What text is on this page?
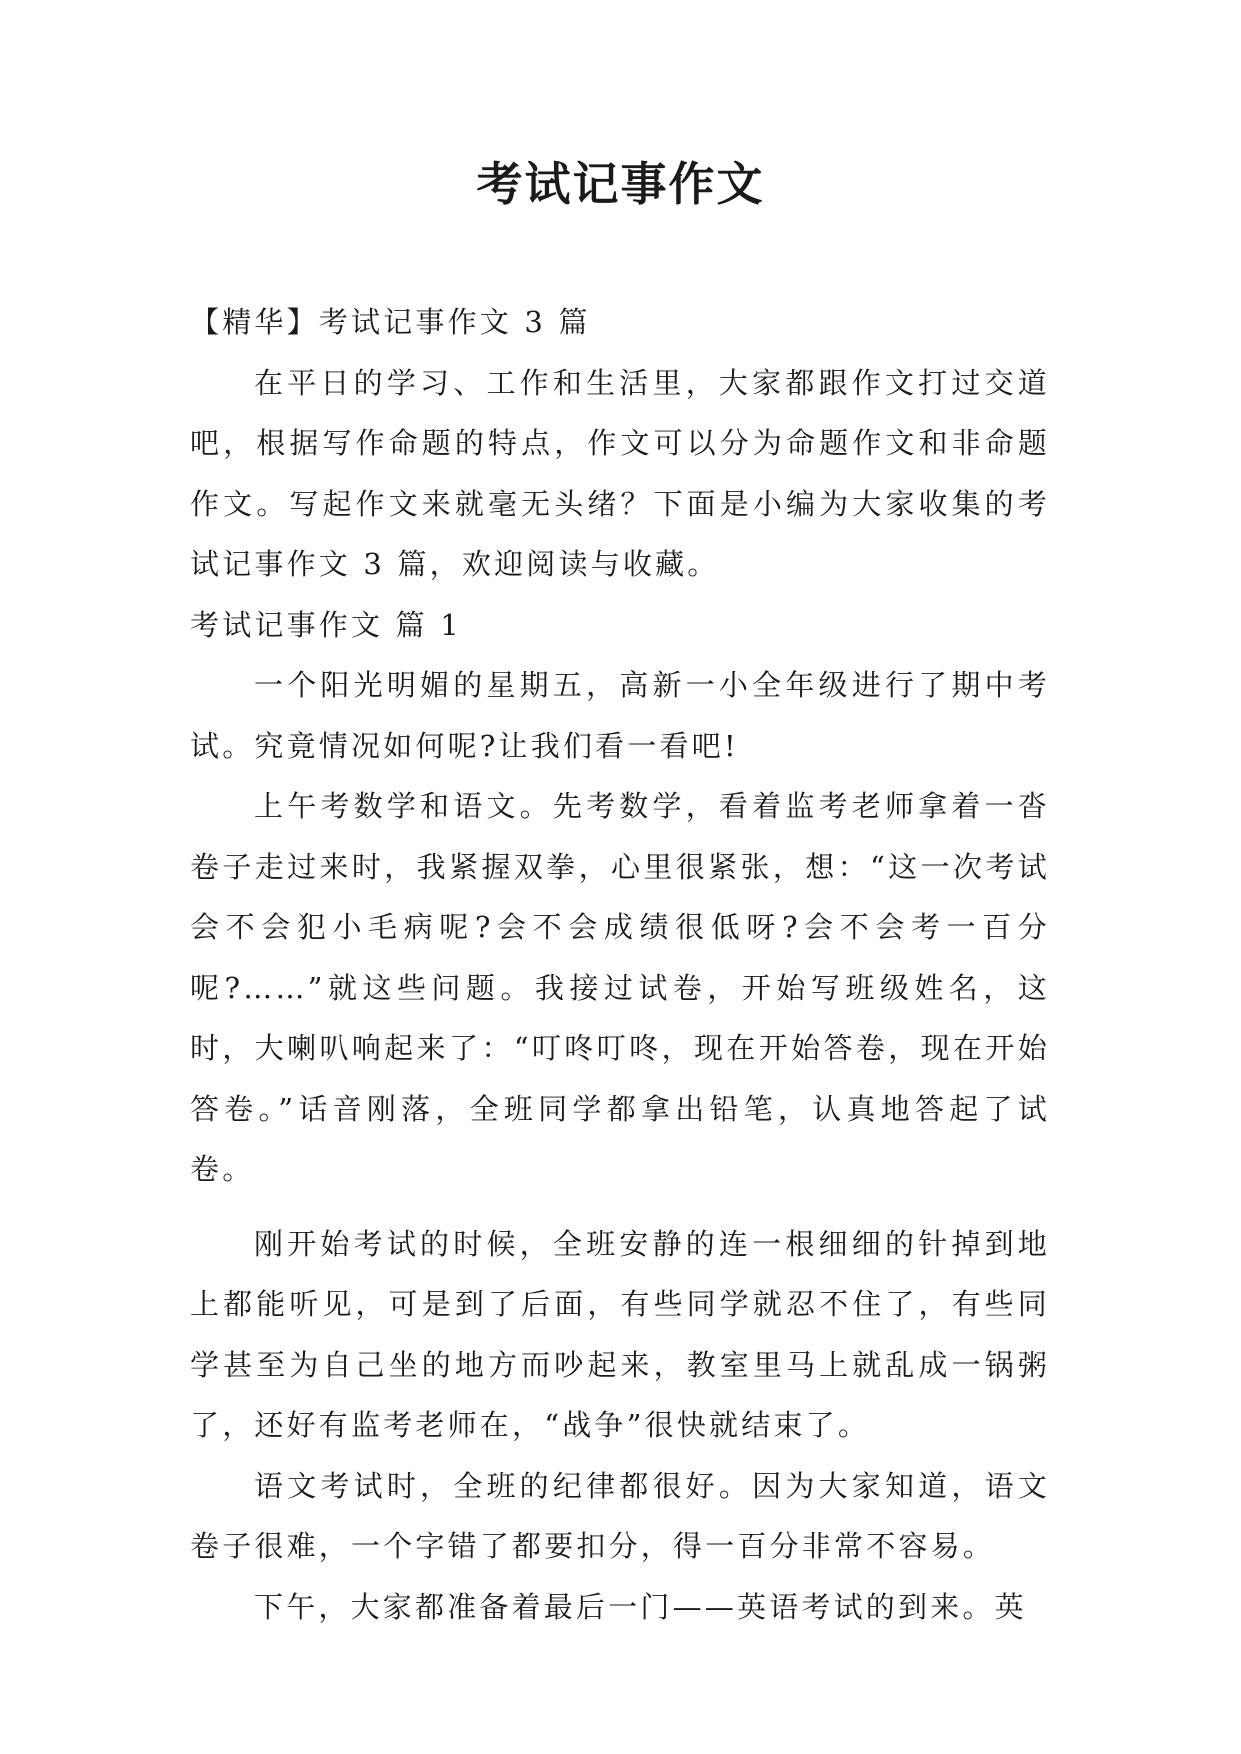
考试记事作文

【精华】考试记事作文 3 篇

在平日的学习、工作和生活里，大家都跟作文打过交道吧，根据写作命题的特点，作文可以分为命题作文和非命题作文。写起作文来就毫无头绪？下面是小编为大家收集的考试记事作文 3 篇，欢迎阅读与收藏。

考试记事作文 篇 1

一个阳光明媚的星期五，高新一小全年级进行了期中考试。究竟情况如何呢?让我们看一看吧!

上午考数学和语文。先考数学，看着监考老师拿着一沓卷子走过来时，我紧握双拳，心里很紧张，想：“这一次考试会不会犯小毛病呢?会不会成绩很低呀?会不会考一百分呢?……”就这些问题。我接过试卷，开始写班级姓名，这时，大喇叭响起来了：“叮咚叮咚，现在开始答卷，现在开始答卷。”话音刚落，全班同学都拿出铅笔，认真地答起了试卷。

刚开始考试的时候，全班安静的连一根细细的针掉到地上都能听见，可是到了后面，有些同学就忍不住了，有些同学甚至为自己坐的地方而吵起来，教室里马上就乱成一锅粥了，还好有监考老师在，“战争”很快就结束了。

语文考试时，全班的纪律都很好。因为大家知道，语文卷子很难，一个字错了都要扣分，得一百分非常不容易。

下午，大家都准备着最后一门——英语考试的到来。英
